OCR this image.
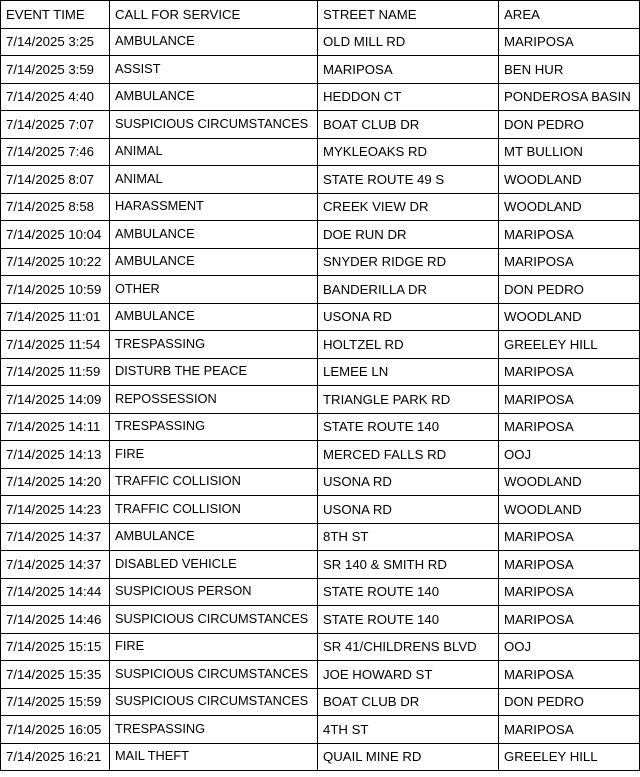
EVENT TIME	CALL FOR SERVICE	STREET NAME	AREA
7/14/2025 3:25	AMBULANCE	OLD MILL RD	MARIPOSA
7/14/2025 3:59	ASSIST	MARIPOSA	BEN HUR
7/14/2025 4:40	AMBULANCE	HEDDON CT	PONDEROSA BASIN
7/14/2025 7:07	SUSPICIOUS CIRCUMSTANCES	BOAT CLUB DR	DON PEDRO
7/14/2025 7:46	ANIMAL	MYKLEOAKS RD	MT BULLION
7/14/2025 8:07	ANIMAL	STATE ROUTE 49 S	WOODLAND
7/14/2025 8:58	HARASSMENT	CREEK VIEW DR	WOODLAND
7/14/2025 10:04	AMBULANCE	DOE RUN DR	MARIPOSA
7/14/2025 10:22	AMBULANCE	SNYDER RIDGE RD	MARIPOSA
7/14/2025 10:59	OTHER	BANDERILLA DR	DON PEDRO
7/14/2025 11:01	AMBULANCE	USONA RD	WOODLAND
7/14/2025 11:54	TRESPASSING	HOLTZEL RD	GREELEY HILL
7/14/2025 11:59	DISTURB THE PEACE	LEMEE LN	MARIPOSA
7/14/2025 14:09	REPOSSESSION	TRIANGLE PARK RD	MARIPOSA
7/14/2025 14:11	TRESPASSING	STATE ROUTE 140	MARIPOSA
7/14/2025 14:13	FIRE	MERCED FALLS RD	OOJ
7/14/2025 14:20	TRAFFIC COLLISION	USONA RD	WOODLAND
7/14/2025 14:23	TRAFFIC COLLISION	USONA RD	WOODLAND
7/14/2025 14:37	AMBULANCE	8TH ST	MARIPOSA
7/14/2025 14:37	DISABLED VEHICLE	SR 140 & SMITH RD	MARIPOSA
7/14/2025 14:44	SUSPICIOUS PERSON	STATE ROUTE 140	MARIPOSA
7/14/2025 14:46	SUSPICIOUS CIRCUMSTANCES	STATE ROUTE 140	MARIPOSA
7/14/2025 15:15	FIRE	SR 41/CHILDRENS BLVD	OOJ
7/14/2025 15:35	SUSPICIOUS CIRCUMSTANCES	JOE HOWARD ST	MARIPOSA
7/14/2025 15:59	SUSPICIOUS CIRCUMSTANCES	BOAT CLUB DR	DON PEDRO
7/14/2025 16:05	TRESPASSING	4TH ST	MARIPOSA
7/14/2025 16:21	MAIL THEFT	QUAIL MINE RD	GREELEY HILL
